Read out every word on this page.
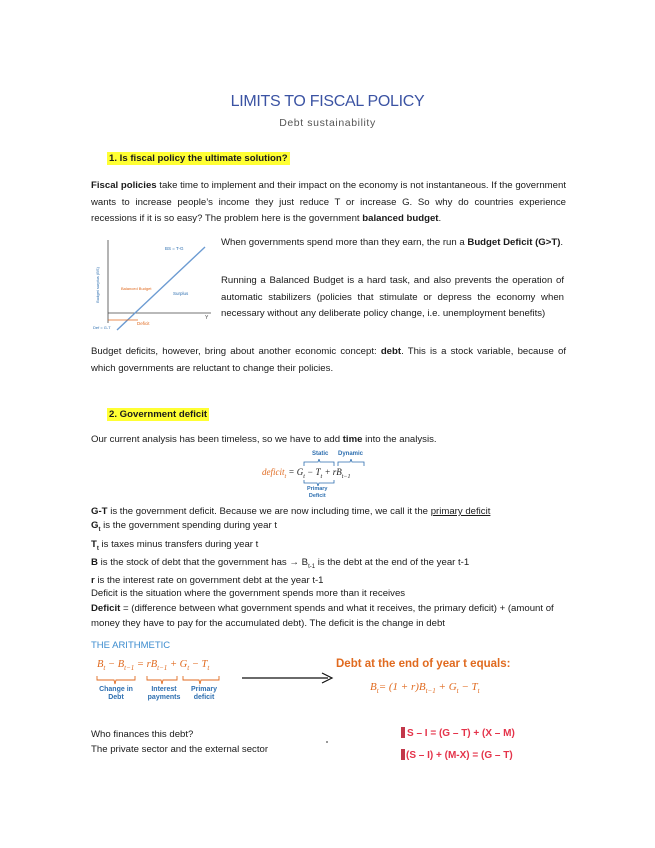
LIMITS TO FISCAL POLICY
Debt sustainability
1. Is fiscal policy the ultimate solution?
Fiscal policies take time to implement and their impact on the economy is not instantaneous. If the government wants to increase people’s income they just reduce T or increase G. So why do countries experience recessions if it is so easy? The problem here is the government balanced budget.
Budget surplus (BS)
BS = T-G
Balanced Budget
Surplus
Deficit
Def = G-T
Y
When governments spend more than they earn, the run a Budget Deficit (G>T).
Running a Balanced Budget is a hard task, and also prevents the operation of automatic stabilizers (policies that stimulate or depress the economy when necessary without any deliberate policy change, i.e. unemployment benefits)
Budget deficits, however, bring about another economic concept: debt. This is a stock variable, because of which governments are reluctant to change their policies.
2. Government deficit
Our current analysis has been timeless, so we have to add time into the analysis.
Static Dynamic
deficit$_t$ = $G_t - T_t + rB_{t-1}$
Primary
Deficit
G-T is the government deficit. Because we are now including time, we call it the primary deficit
$G_t$ is the government spending during year t
$T_t$ is taxes minus transfers during year t
B is the stock of debt that the government has → $B_{t-1}$ is the debt at the end of the year t-1
r is the interest rate on government debt at the year t-1
Deficit is the situation where the government spends more than it receives
Deficit = (difference between what government spends and what it receives, the primary deficit) + (amount of money they have to pay for the accumulated debt). The deficit is the change in debt
THE ARITHMETIC
$B_t - B_{t-1} = rB_{t-1} + G_t - T_t$
Change in Debt
Interest payments
Primary deficit
Debt at the end of year t equals:
$B_t= (1 + r)B_{t-1} + G_t - T_t$
Who finances this debt?
The private sector and the external sector
S – I = (G – T) + (X – M)
(S – I) + (M-X) = (G – T)
